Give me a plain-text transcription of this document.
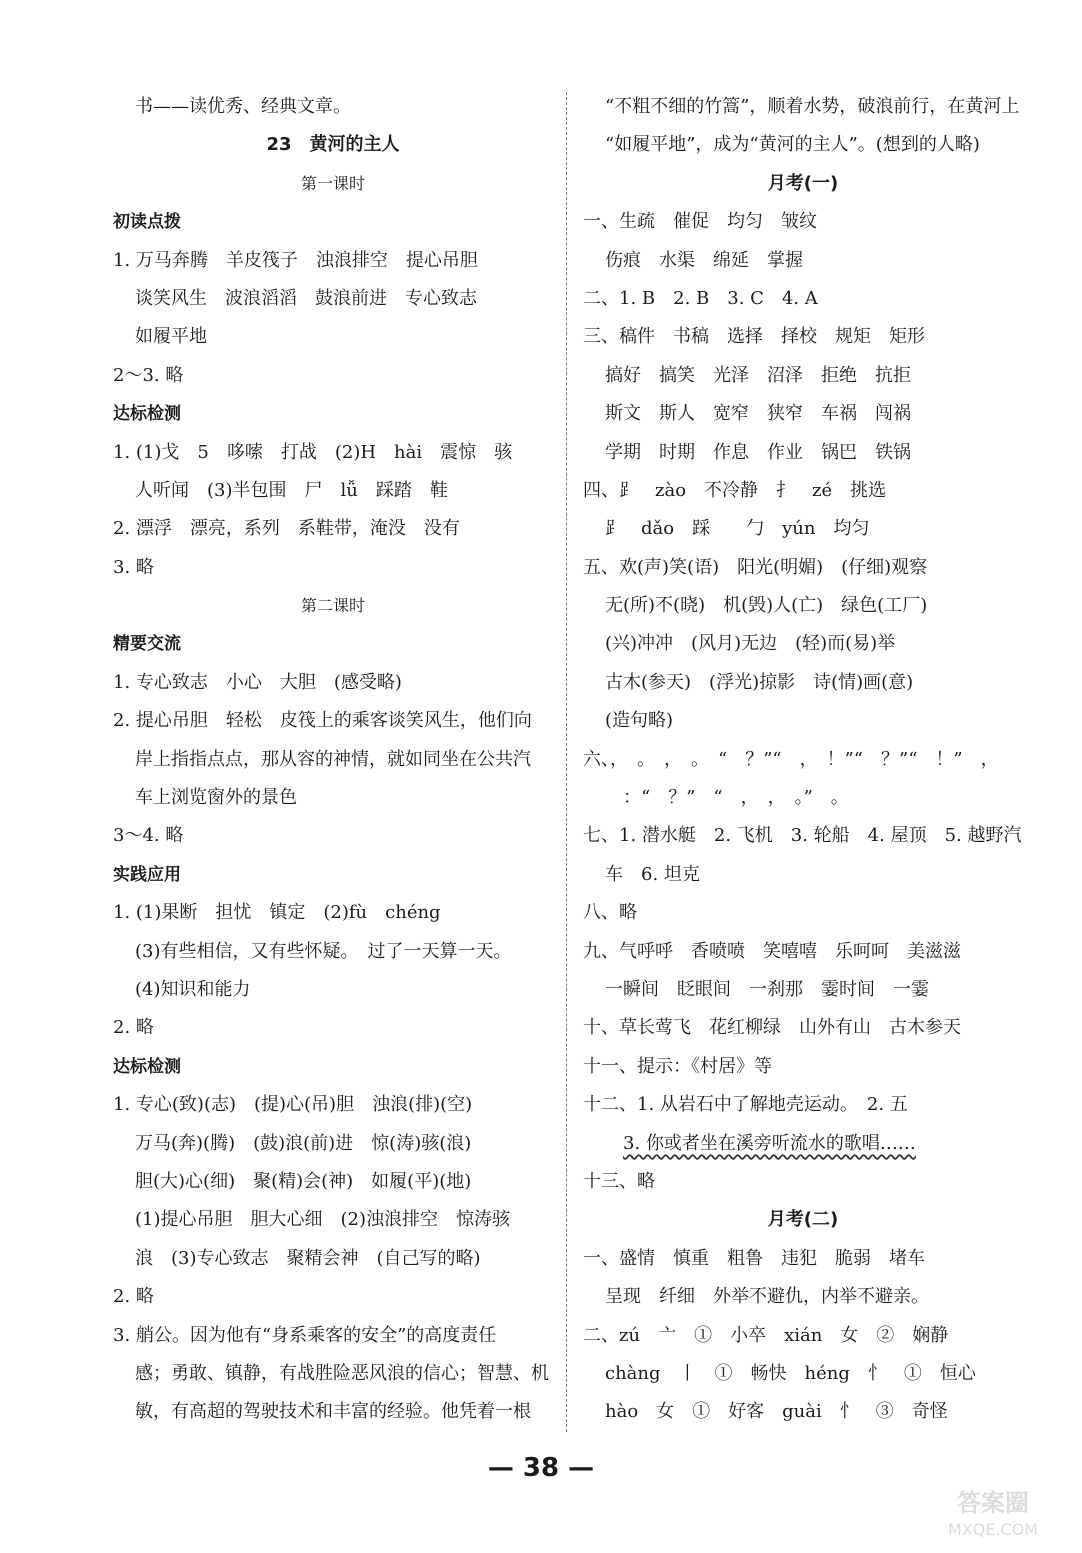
书——读优秀、经典文章。
23　黄河的主人
第一课时
初读点拨
1. 万马奔腾　羊皮筏子　浊浪排空　提心吊胆
谈笑风生　波浪滔滔　鼓浪前进　专心致志
如履平地
2～3. 略
达标检测
1. (1)戈　5　哆嗦　打战　(2)H　hài　震惊　骇
人听闻　(3)半包围　尸　lǚ　踩踏　鞋
2. 漂浮　漂亮，系列　系鞋带，淹没　没有
3. 略
第二课时
精要交流
1. 专心致志　小心　大胆　(感受略)
2. 提心吊胆　轻松　皮筏上的乘客谈笑风生，他们向
岸上指指点点，那从容的神情，就如同坐在公共汽
车上浏览窗外的景色
3～4. 略
实践应用
1. (1)果断　担忧　镇定　(2)fù　chéng
(3)有些相信，又有些怀疑。　过了一天算一天。
(4)知识和能力
2. 略
达标检测
1. 专心(致)(志)　(提)心(吊)胆　浊浪(排)(空)
万马(奔)(腾)　(鼓)浪(前)进　惊(涛)骇(浪)
胆(大)心(细)　聚(精)会(神)　如履(平)(地)
(1)提心吊胆　胆大心细　(2)浊浪排空　惊涛骇
浪　(3)专心致志　聚精会神　(自己写的略)
2. 略
3. 艄公。因为他有“身系乘客的安全”的高度责任
感；勇敢、镇静，有战胜险恶风浪的信心；智慧、机
敏，有高超的驾驶技术和丰富的经验。他凭着一根
“不粗不细的竹篙”，顺着水势，破浪前行，在黄河上
“如履平地”，成为“黄河的主人”。(想到的人略)
月考(一)
一、生疏　催促　均匀　皱纹
伤痕　水渠　绵延　掌握
二、1. B　2. B　3. C　4. A
三、稿件　书稿　选择　择校　规矩　矩形
搞好　搞笑　光泽　沼泽　拒绝　抗拒
斯文　斯人　宽窄　狭窄　车祸　闯祸
学期　时期　作息　作业　锅巴　铁锅
四、⻊　zào　不冷静　扌　zé　挑选
⻊　dǎo　踩　　勹　yún　均匀
五、欢(声)笑(语)　阳光(明媚)　(仔细)观察
无(所)不(晓)　机(毁)人(亡)　绿色(工厂)
(兴)冲冲　(风月)无边　(轻)而(易)举
古木(参天)　(浮光)掠影　诗(情)画(意)
(造句略)
六、，　。　，　。　“　？”“　，　！”“　？”“　！”　，
：“　？”　“　，　，　。”　。
七、1. 潜水艇　2. 飞机　3. 轮船　4. 屋顶　5. 越野汽
车　6. 坦克
八、略
九、气呼呼　香喷喷　笑嘻嘻　乐呵呵　美滋滋
一瞬间　眨眼间　一刹那　霎时间　一霎
十、草长莺飞　花红柳绿　山外有山　古木参天
十一、提示：《村居》等
十二、1. 从岩石中了解地壳运动。　2. 五
3. 你或者坐在溪旁听流水的歌唱……
十三、略
月考(二)
一、盛情　慎重　粗鲁　违犯　脆弱　堵车
呈现　纤细　外举不避仇，内举不避亲。
二、zú　亠　①　小卒　xián　女　②　娴静
chàng　丨　①　畅快　héng　忄　①　恒心
hào　女　①　好客　guài　忄　③　奇怪
— 38 —
答案圈
MXQE.COM
